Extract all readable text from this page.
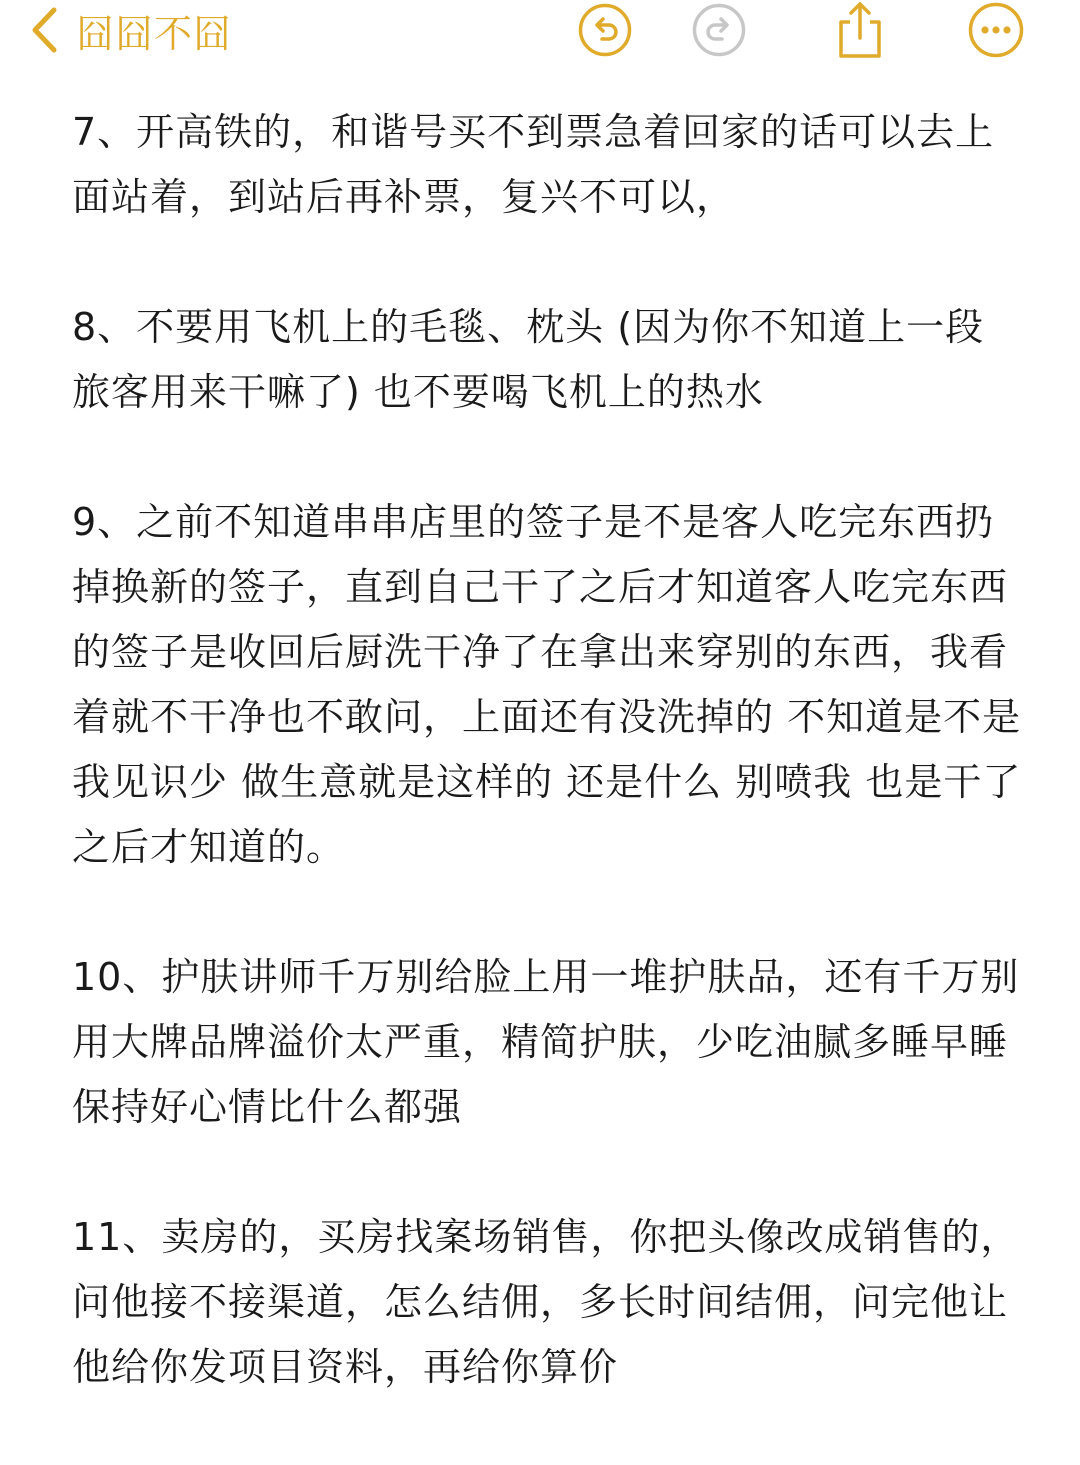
囧囧不囧

7、开高铁的，和谐号买不到票急着回家的话可以去上面站着，到站后再补票，复兴不可以，

8、不要用飞机上的毛毯、枕头 (因为你不知道上一段旅客用来干嘛了) 也不要喝飞机上的热水

9、之前不知道串串店里的签子是不是客人吃完东西扔掉换新的签子，直到自己干了之后才知道客人吃完东西的签子是收回后厨洗干净了在拿出来穿别的东西，我看着就不干净也不敢问，上面还有没洗掉的 不知道是不是我见识少 做生意就是这样的 还是什么 别喷我 也是干了之后才知道的。

10、护肤讲师千万别给脸上用一堆护肤品，还有千万别用大牌品牌溢价太严重，精简护肤，少吃油腻多睡早睡保持好心情比什么都强

11、卖房的，买房找案场销售，你把头像改成销售的，问他接不接渠道，怎么结佣，多长时间结佣，问完他让他给你发项目资料，再给你算价
